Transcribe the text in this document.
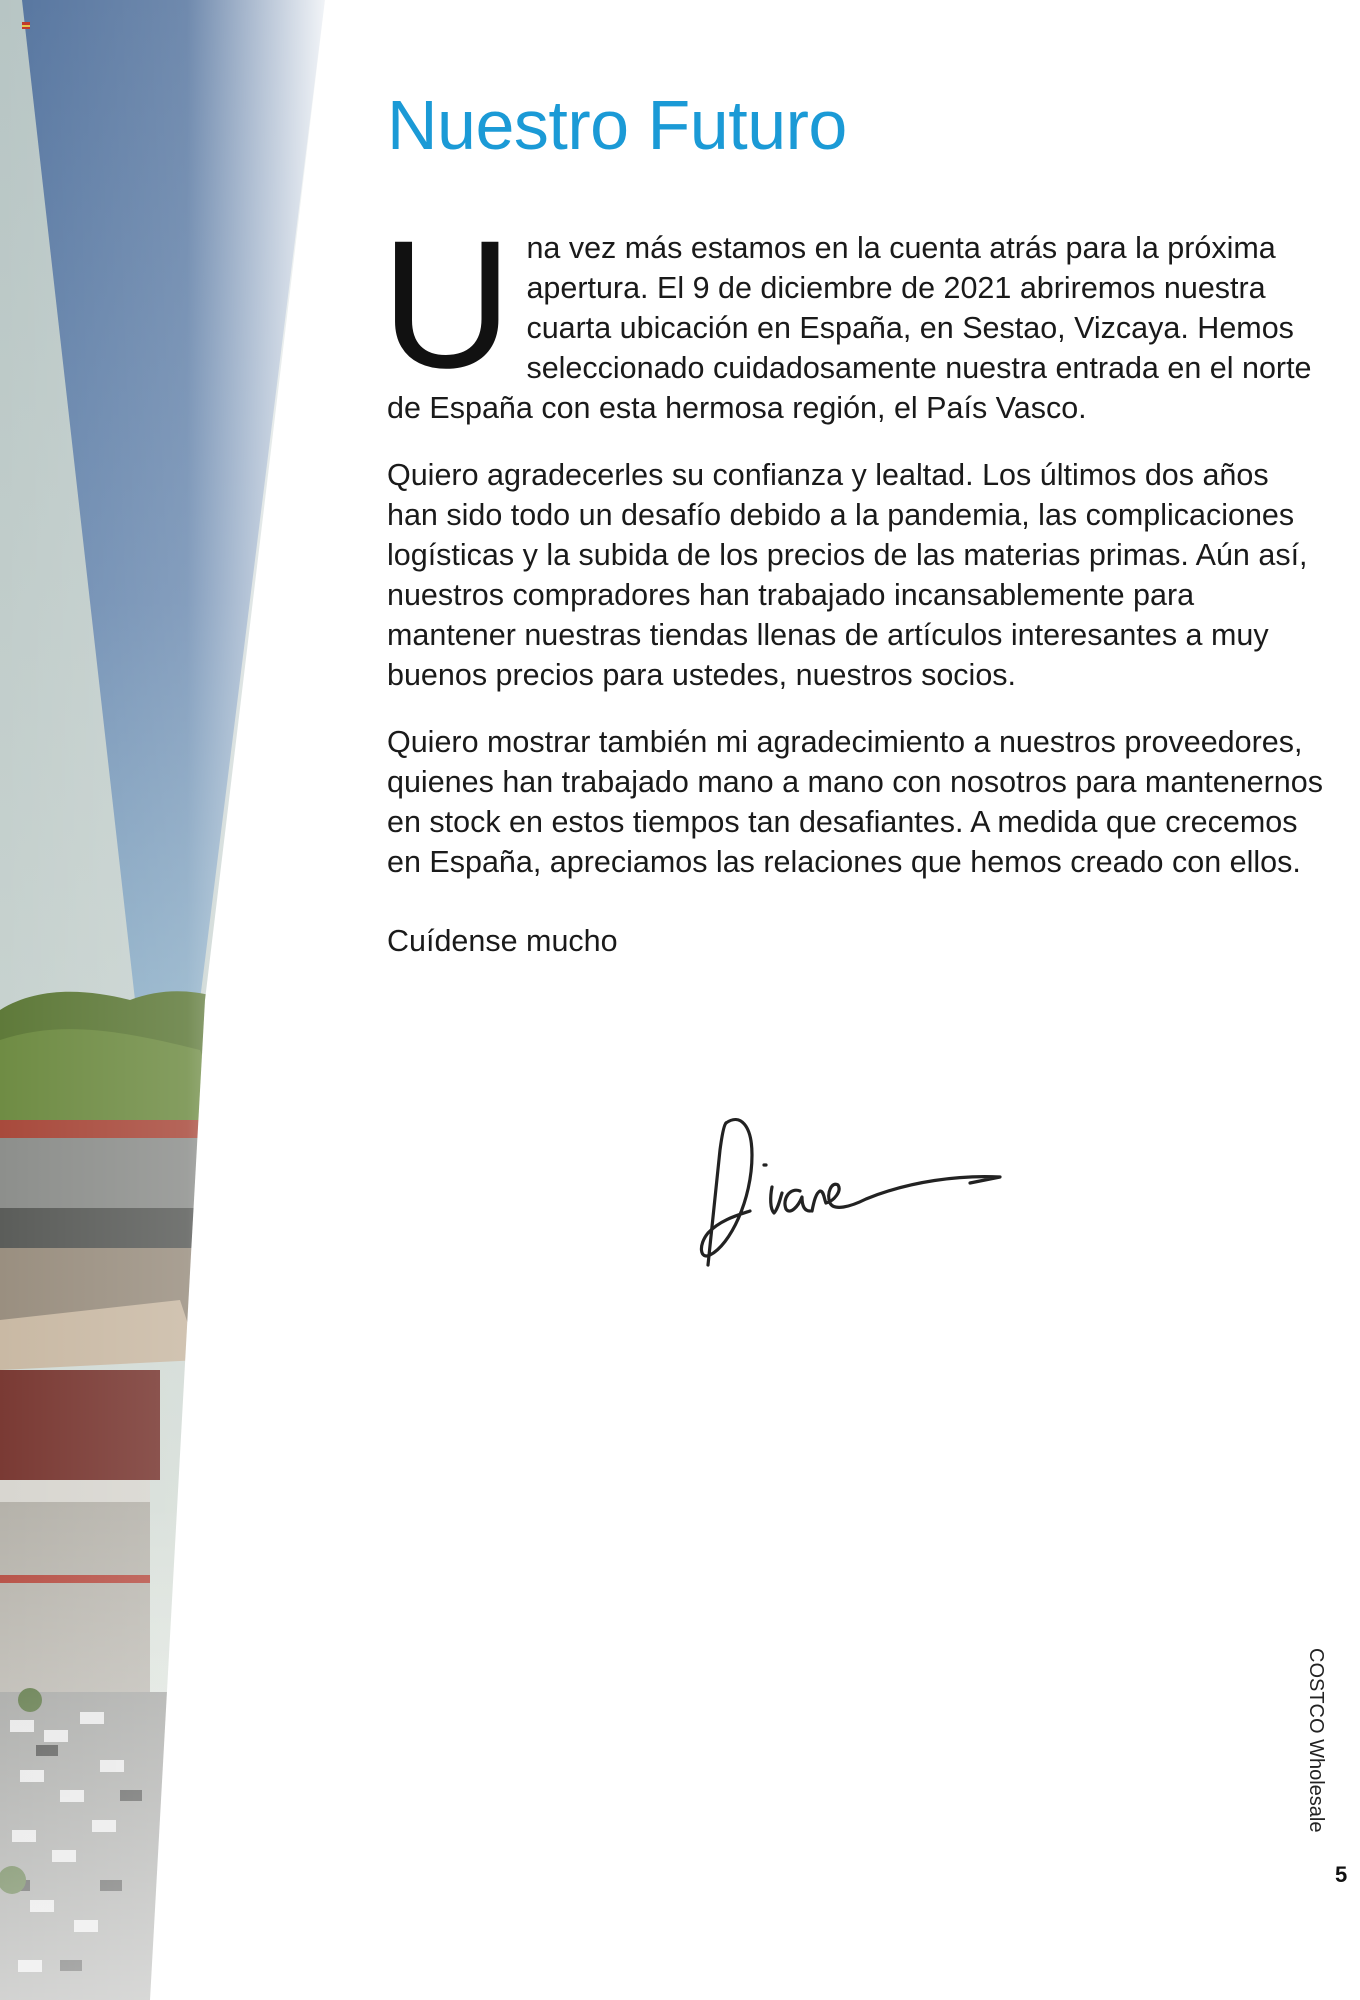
Nuestro Futuro

U na vez más estamos en la cuenta atrás para la próxima apertura. El 9 de diciembre de 2021 abriremos nuestra cuarta ubicación en España, en Sestao, Vizcaya. Hemos seleccionado cuidadosamente nuestra entrada en el norte de España con esta hermosa región, el País Vasco.

Quiero agradecerles su confianza y lealtad. Los últimos dos años han sido todo un desafío debido a la pandemia, las complicaciones logísticas y la subida de los precios de las materias primas. Aún así, nuestros compradores han trabajado incansablemente para mantener nuestras tiendas llenas de artículos interesantes a muy buenos precios para ustedes, nuestros socios.

Quiero mostrar también mi agradecimiento a nuestros proveedores, quienes han trabajado mano a mano con nosotros para mantenernos en stock en estos tiempos tan desafiantes. A medida que crecemos en España, apreciamos las relaciones que hemos creado con ellos.

Cuídense mucho

COSTCO Wholesale
5
